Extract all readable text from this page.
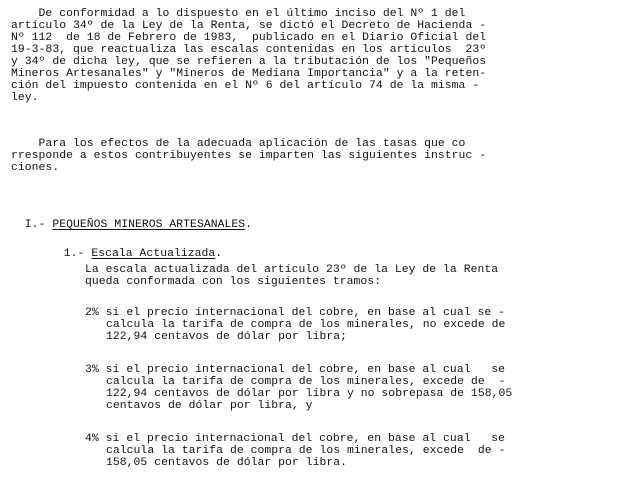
De conformidad a lo dispuesto en el último inciso del Nº 1 del
artículo 34º de la Ley de la Renta, se dictó el Decreto de Hacienda -
Nº 112  de 18 de Febrero de 1983,  publicado en el Diario Oficial del
19-3-83, que reactualiza las escalas contenidas en los artículos  23º
y 34º de dicha ley, que se refieren a la tributación de los "Pequeños
Mineros Artesanales" y "Mineros de Mediana Importancia" y a la reten-
ción del impuesto contenida en el Nº 6 del artículo 74 de la misma -
ley.
Para los efectos de la adecuada aplicación de las tasas que co
rresponde a estos contribuyentes se imparten las siguientes instruc -
ciones.

I.- PEQUEÑOS MINEROS ARTESANALES.

1.- Escala Actualizada.

La escala actualizada del artículo 23º de la Ley de la Renta
queda conformada con los siguientes tramos:
2% si el precio internacional del cobre, en base al cual se -
calcula la tarifa de compra de los minerales, no excede de
122,94 centavos de dólar por libra;
3% si el precio internacional del cobre, en base al cual   se
calcula la tarifa de compra de los minerales, excede de  -
122,94 centavos de dólar por libra y no sobrepasa de 158,05
centavos de dólar por libra, y
4% si el precio internacional del cobre, en base al cual   se
calcula la tarifa de compra de los minerales, excede  de -
158,05 centavos de dólar por libra.
